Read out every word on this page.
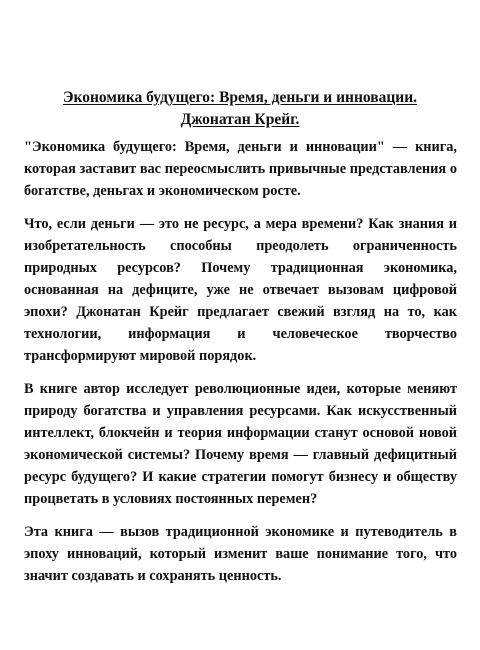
Экономика будущего: Время, деньги и инновации.
Джонатан Крейг.

"Экономика будущего: Время, деньги и инновации" — книга, которая заставит вас переосмыслить привычные представления о богатстве, деньгах и экономическом росте.

Что, если деньги — это не ресурс, а мера времени? Как знания и изобретательность способны преодолеть ограниченность природных ресурсов? Почему традиционная экономика, основанная на дефиците, уже не отвечает вызовам цифровой эпохи? Джонатан Крейг предлагает свежий взгляд на то, как технологии, информация и человеческое творчество трансформируют мировой порядок.

В книге автор исследует революционные идеи, которые меняют природу богатства и управления ресурсами. Как искусственный интеллект, блокчейн и теория информации станут основой новой экономической системы? Почему время — главный дефицитный ресурс будущего? И какие стратегии помогут бизнесу и обществу процветать в условиях постоянных перемен?

Эта книга — вызов традиционной экономике и путеводитель в эпоху инноваций, который изменит ваше понимание того, что значит создавать и сохранять ценность.
